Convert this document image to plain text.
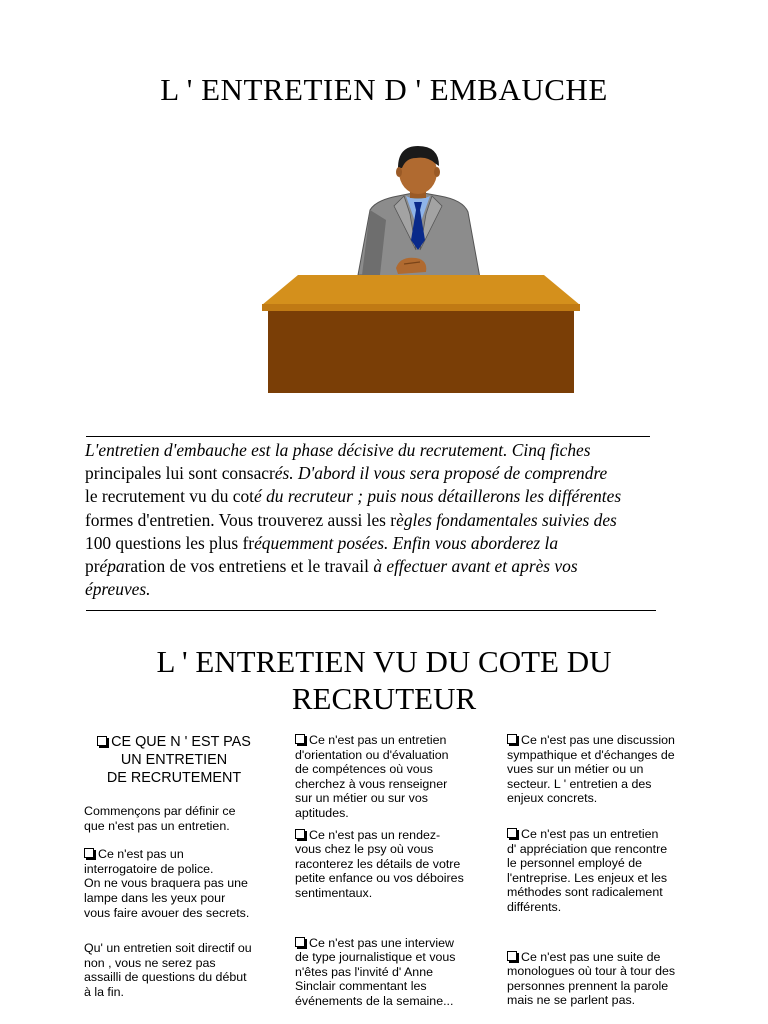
L ' ENTRETIEN D ' EMBAUCHE
L'entretien d'embauche est la phase décisive du recrutement. Cinq fiches
principales lui sont consacrés. D'abord il vous sera proposé de comprendre
le recrutement vu du coté du recruteur ; puis nous détaillerons les différentes
formes d'entretien. Vous trouverez aussi les règles fondamentales suivies des
100 questions les plus fréquemment posées. Enfin vous aborderez la
préparation de vos entretiens et le travail à effectuer avant et après vos
épreuves.
L ' ENTRETIEN VU DU COTE DU
RECRUTEUR
CE QUE N ' EST PAS
UN ENTRETIEN
DE RECRUTEMENT

Commençons par définir ce
que n'est pas un entretien.

Ce n'est pas un
interrogatoire de police.
On ne vous braquera pas une
lampe dans les yeux pour
vous faire avouer des secrets.

Qu' un entretien soit directif ou
non , vous ne serez pas
assailli de questions du début
à la fin.

Ce n'est pas un entretien
d'orientation ou d'évaluation
de compétences où vous
cherchez à vous renseigner
sur un métier ou sur vos
aptitudes.

Ce n'est pas un rendez-
vous chez le psy où vous
raconterez les détails de votre
petite enfance ou vos déboires
sentimentaux.

Ce n'est pas une interview
de type journalistique et vous
n'êtes pas l'invité d' Anne
Sinclair commentant les
événements de la semaine...

Ce n'est pas une discussion
sympathique et d'échanges de
vues sur un métier ou un
secteur. L ' entretien a des
enjeux concrets.

Ce n'est pas un entretien
d' appréciation que rencontre
le personnel employé de
l'entreprise. Les enjeux et les
méthodes sont radicalement
différents.

Ce n'est pas une suite de
monologues où tour à tour des
personnes prennent la parole
mais ne se parlent pas.
